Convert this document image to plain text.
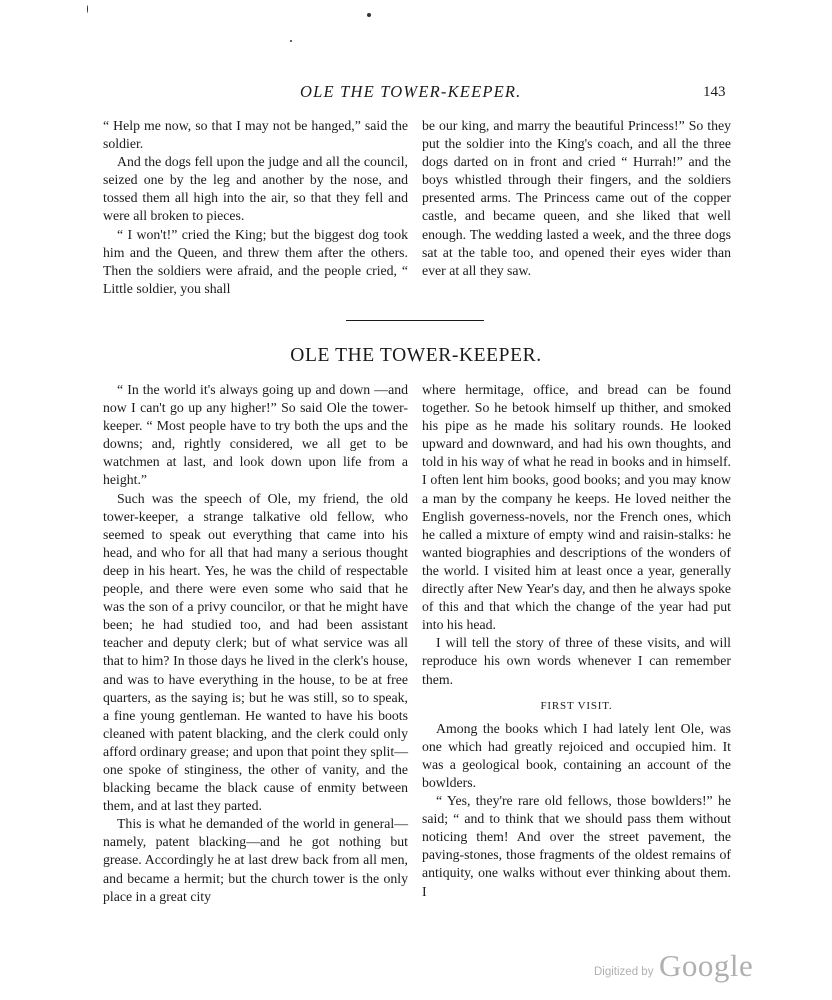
OLE THE TOWER-KEEPER.	143

“ Help me now, so that I may not be hanged,” said the soldier.

And the dogs fell upon the judge and all the council, seized one by the leg and another by the nose, and tossed them all high into the air, so that they fell and were all broken to pieces.

“ I won't!” cried the King; but the biggest dog took him and the Queen, and threw them after the others. Then the soldiers were afraid, and the people cried, “ Little soldier, you shall

be our king, and marry the beautiful Princess!” So they put the soldier into the King's coach, and all the three dogs darted on in front and cried “ Hurrah!” and the boys whistled through their fingers, and the soldiers presented arms. The Princess came out of the copper castle, and became queen, and she liked that well enough. The wedding lasted a week, and the three dogs sat at the table too, and opened their eyes wider than ever at all they saw.

OLE THE TOWER-KEEPER.

“ In the world it's always going up and down —and now I can't go up any higher!” So said Ole the tower-keeper. “ Most people have to try both the ups and the downs; and, rightly considered, we all get to be watchmen at last, and look down upon life from a height.”

Such was the speech of Ole, my friend, the old tower-keeper, a strange talkative old fellow, who seemed to speak out everything that came into his head, and who for all that had many a serious thought deep in his heart. Yes, he was the child of respectable people, and there were even some who said that he was the son of a privy councilor, or that he might have been; he had studied too, and had been assistant teacher and deputy clerk; but of what service was all that to him? In those days he lived in the clerk's house, and was to have everything in the house, to be at free quarters, as the saying is; but he was still, so to speak, a fine young gentleman. He wanted to have his boots cleaned with patent blacking, and the clerk could only afford ordinary grease; and upon that point they split—one spoke of stinginess, the other of vanity, and the blacking became the black cause of enmity between them, and at last they parted.

This is what he demanded of the world in general—namely, patent blacking—and he got nothing but grease. Accordingly he at last drew back from all men, and became a hermit; but the church tower is the only place in a great city

where hermitage, office, and bread can be found together. So he betook himself up thither, and smoked his pipe as he made his solitary rounds. He looked upward and downward, and had his own thoughts, and told in his way of what he read in books and in himself. I often lent him books, good books; and you may know a man by the company he keeps. He loved neither the English governess-novels, nor the French ones, which he called a mixture of empty wind and raisin-stalks: he wanted biographies and descriptions of the wonders of the world. I visited him at least once a year, generally directly after New Year's day, and then he always spoke of this and that which the change of the year had put into his head.

I will tell the story of three of these visits, and will reproduce his own words whenever I can remember them.

FIRST VISIT.

Among the books which I had lately lent Ole, was one which had greatly rejoiced and occupied him. It was a geological book, containing an account of the bowlders.

“ Yes, they're rare old fellows, those bowlders!” he said; “ and to think that we should pass them without noticing them! And over the street pavement, the paving-stones, those fragments of the oldest remains of antiquity, one walks without ever thinking about them. I

Digitized by Google
